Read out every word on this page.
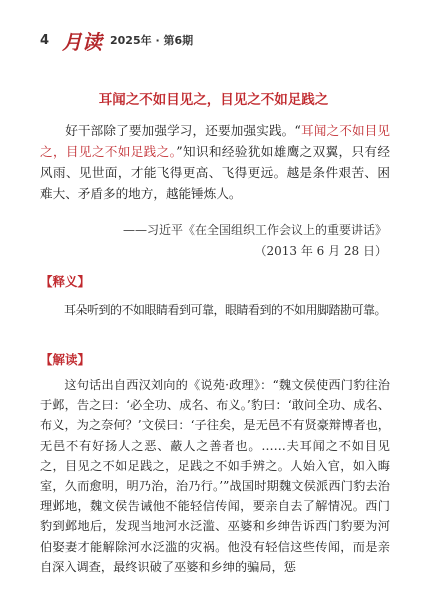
4 月读 2025年 · 第6期
耳闻之不如目见之，目见之不如足践之
好干部除了要加强学习，还要加强实践。“耳闻之不如目见之，目见之不如足践之。”知识和经验犹如雄鹰之双翼，只有经风雨、见世面，才能飞得更高、飞得更远。越是条件艰苦、困难大、矛盾多的地方，越能锤炼人。
——习近平《在全国组织工作会议上的重要讲话》
（2013 年 6 月 28 日）
【释义】
耳朵听到的不如眼睛看到可靠，眼睛看到的不如用脚踏勘可靠。
【解读】
这句话出自西汉刘向的《说苑·政理》：“魏文侯使西门豹往治于邺，告之曰：‘必全功、成名、布义。’豹曰：‘敢问全功、成名、布义，为之奈何？’文侯曰：‘子往矣，是无邑不有贤豪辩博者也，无邑不有好扬人之恶、蔽人之善者也。……夫耳闻之不如目见之，目见之不如足践之，足践之不如手辨之。人始入官，如入晦室，久而愈明，明乃治，治乃行。’”战国时期魏文侯派西门豹去治理邺地，魏文侯告诫他不能轻信传闻，要亲自去了解情况。西门豹到邺地后，发现当地河水泛滥、巫婆和乡绅告诉西门豹要为河伯娶妻才能解除河水泛滥的灾祸。他没有轻信这些传闻，而是亲自深入调查，最终识破了巫婆和乡绅的骗局，惩
